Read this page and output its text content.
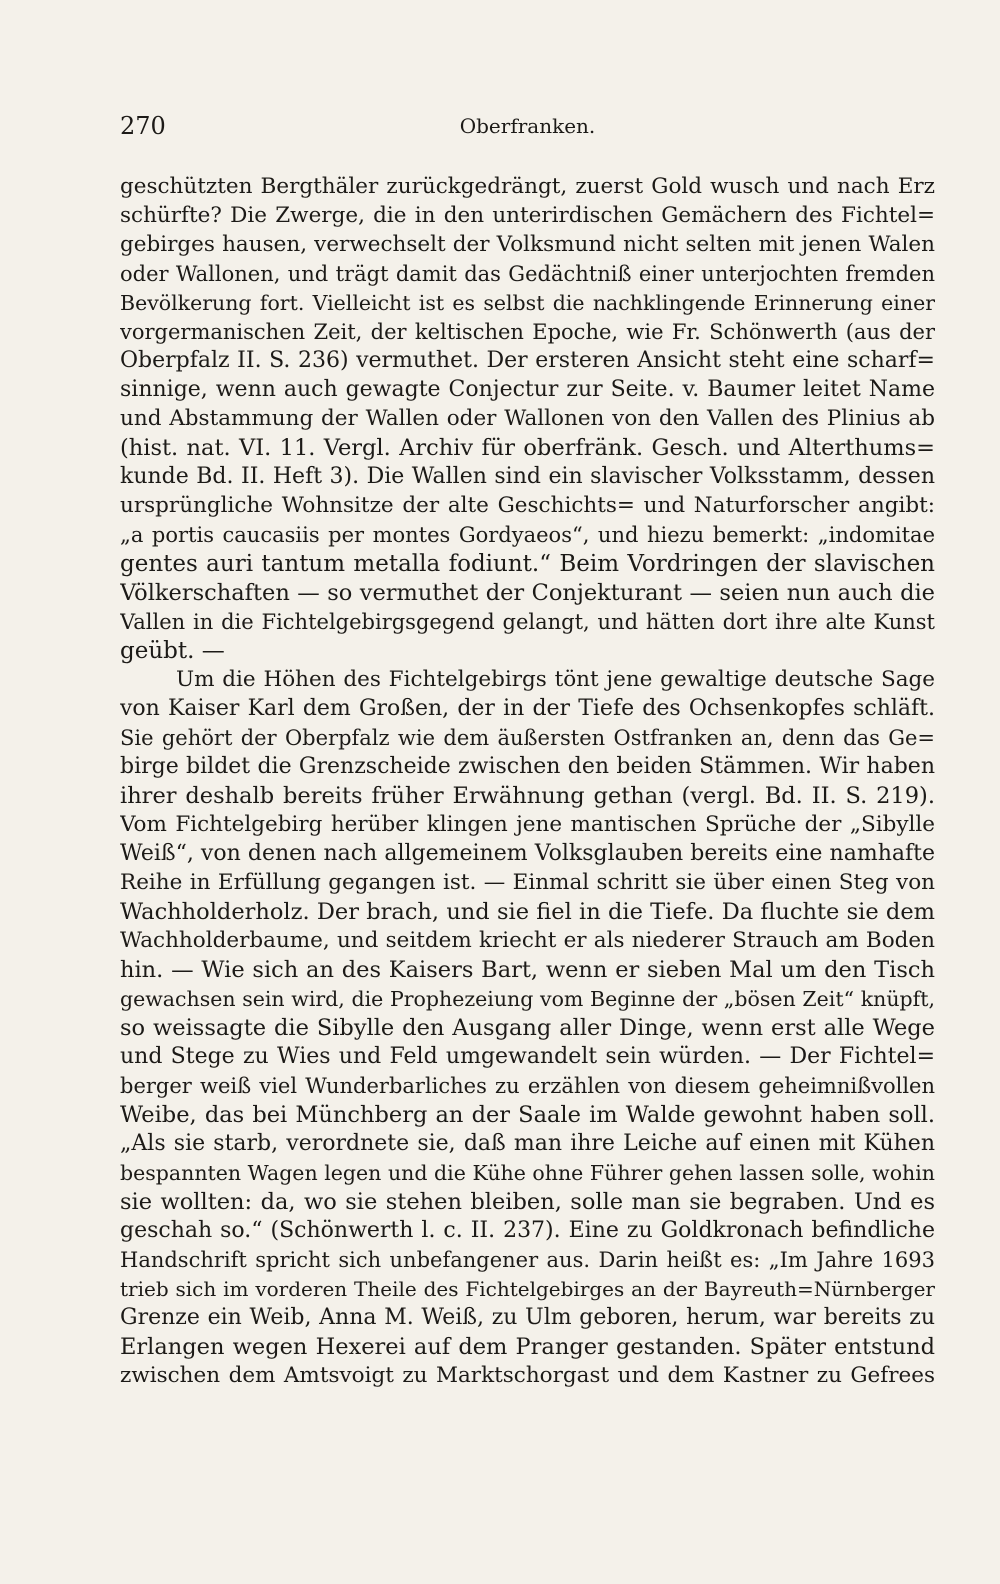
270	Oberfranken.
geschützten Bergthäler zurückgedrängt, zuerst Gold wusch und nach Erz
schürfte? Die Zwerge, die in den unterirdischen Gemächern des Fichtel=
gebirges hausen, verwechselt der Volksmund nicht selten mit jenen Walen
oder Wallonen, und trägt damit das Gedächtniß einer unterjochten fremden
Bevölkerung fort. Vielleicht ist es selbst die nachklingende Erinnerung einer
vorgermanischen Zeit, der keltischen Epoche, wie Fr. Schönwerth (aus der
Oberpfalz II. S. 236) vermuthet. Der ersteren Ansicht steht eine scharf=
sinnige, wenn auch gewagte Conjectur zur Seite. v. Baumer leitet Name
und Abstammung der Wallen oder Wallonen von den Vallen des Plinius ab
(hist. nat. VI. 11. Vergl. Archiv für oberfränk. Gesch. und Alterthums=
kunde Bd. II. Heft 3). Die Wallen sind ein slavischer Volksstamm, dessen
ursprüngliche Wohnsitze der alte Geschichts= und Naturforscher angibt:
„a portis caucasiis per montes Gordyaeos“, und hiezu bemerkt: „indomitae
gentes auri tantum metalla fodiunt.“ Beim Vordringen der slavischen
Völkerschaften — so vermuthet der Conjekturant — seien nun auch die
Vallen in die Fichtelgebirgsgegend gelangt, und hätten dort ihre alte Kunst
geübt. —
Um die Höhen des Fichtelgebirgs tönt jene gewaltige deutsche Sage
von Kaiser Karl dem Großen, der in der Tiefe des Ochsenkopfes schläft.
Sie gehört der Oberpfalz wie dem äußersten Ostfranken an, denn das Ge=
birge bildet die Grenzscheide zwischen den beiden Stämmen. Wir haben
ihrer deshalb bereits früher Erwähnung gethan (vergl. Bd. II. S. 219).
Vom Fichtelgebirg herüber klingen jene mantischen Sprüche der „Sibylle
Weiß“, von denen nach allgemeinem Volksglauben bereits eine namhafte
Reihe in Erfüllung gegangen ist. — Einmal schritt sie über einen Steg von
Wachholderholz. Der brach, und sie fiel in die Tiefe. Da fluchte sie dem
Wachholderbaume, und seitdem kriecht er als niederer Strauch am Boden
hin. — Wie sich an des Kaisers Bart, wenn er sieben Mal um den Tisch
gewachsen sein wird, die Prophezeiung vom Beginne der „bösen Zeit“ knüpft,
so weissagte die Sibylle den Ausgang aller Dinge, wenn erst alle Wege
und Stege zu Wies und Feld umgewandelt sein würden. — Der Fichtel=
berger weiß viel Wunderbarliches zu erzählen von diesem geheimnißvollen
Weibe, das bei Münchberg an der Saale im Walde gewohnt haben soll.
„Als sie starb, verordnete sie, daß man ihre Leiche auf einen mit Kühen
bespannten Wagen legen und die Kühe ohne Führer gehen lassen solle, wohin
sie wollten: da, wo sie stehen bleiben, solle man sie begraben. Und es
geschah so.“ (Schönwerth l. c. II. 237). Eine zu Goldkronach befindliche
Handschrift spricht sich unbefangener aus. Darin heißt es: „Im Jahre 1693
trieb sich im vorderen Theile des Fichtelgebirges an der Bayreuth=Nürnberger
Grenze ein Weib, Anna M. Weiß, zu Ulm geboren, herum, war bereits zu
Erlangen wegen Hexerei auf dem Pranger gestanden. Später entstund
zwischen dem Amtsvoigt zu Marktschorgast und dem Kastner zu Gefrees
